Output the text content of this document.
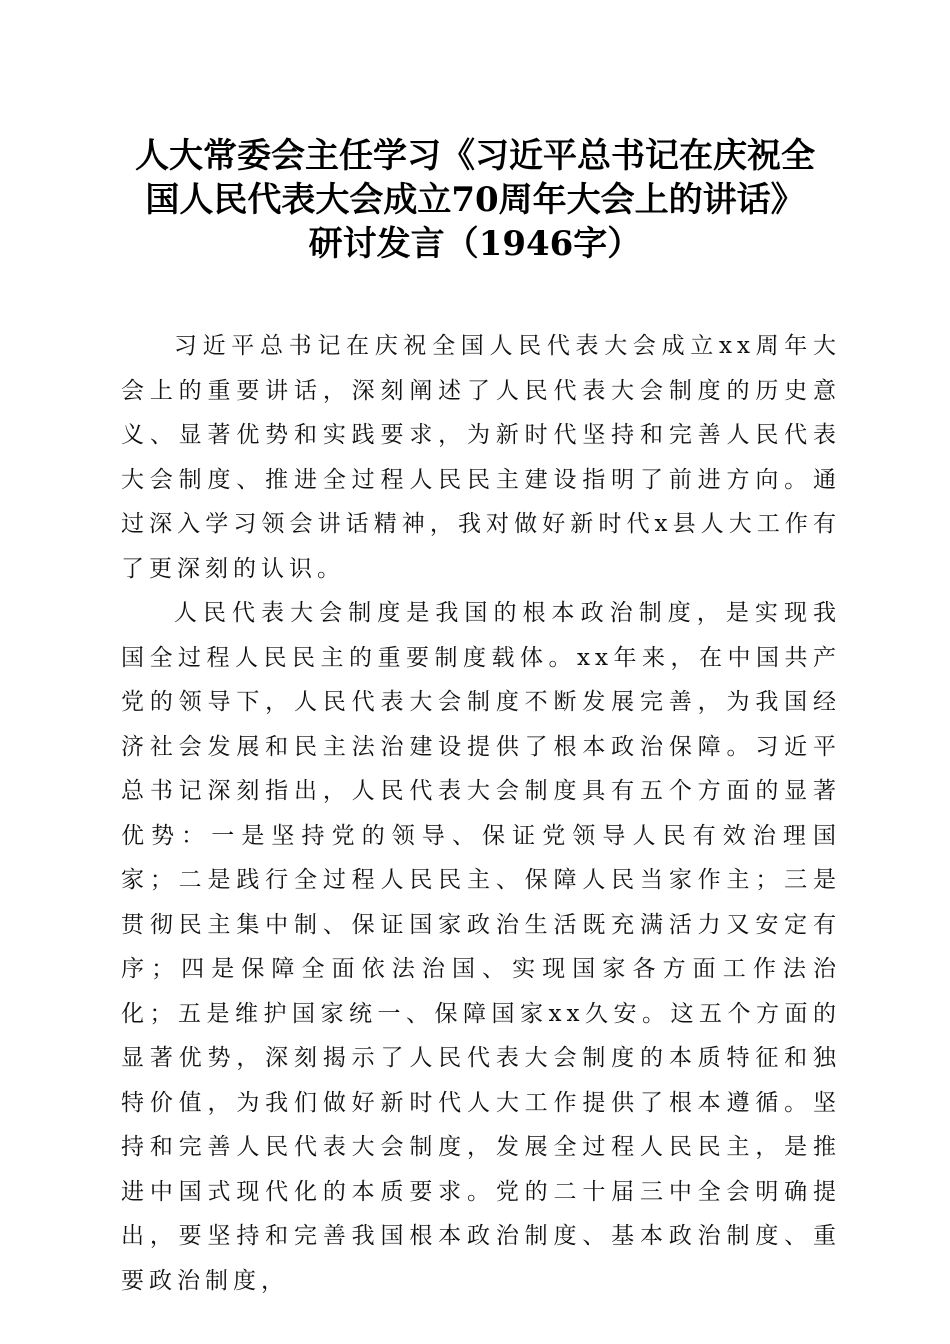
人大常委会主任学习《习近平总书记在庆祝全
国人民代表大会成立70周年大会上的讲话》
研讨发言（1946字）

习近平总书记在庆祝全国人民代表大会成立xx周年大会上的重要讲话，深刻阐述了人民代表大会制度的历史意义、显著优势和实践要求，为新时代坚持和完善人民代表大会制度、推进全过程人民民主建设指明了前进方向。通过深入学习领会讲话精神，我对做好新时代x县人大工作有了更深刻的认识。

人民代表大会制度是我国的根本政治制度，是实现我国全过程人民民主的重要制度载体。xx年来，在中国共产党的领导下，人民代表大会制度不断发展完善，为我国经济社会发展和民主法治建设提供了根本政治保障。习近平总书记深刻指出，人民代表大会制度具有五个方面的显著优势：一是坚持党的领导、保证党领导人民有效治理国家；二是践行全过程人民民主、保障人民当家作主；三是贯彻民主集中制、保证国家政治生活既充满活力又安定有序；四是保障全面依法治国、实现国家各方面工作法治化；五是维护国家统一、保障国家xx久安。这五个方面的显著优势，深刻揭示了人民代表大会制度的本质特征和独特价值，为我们做好新时代人大工作提供了根本遵循。坚持和完善人民代表大会制度，发展全过程人民民主，是推进中国式现代化的本质要求。党的二十届三中全会明确提出，要坚持和完善我国根本政治制度、基本政治制度、重要政治制度，
